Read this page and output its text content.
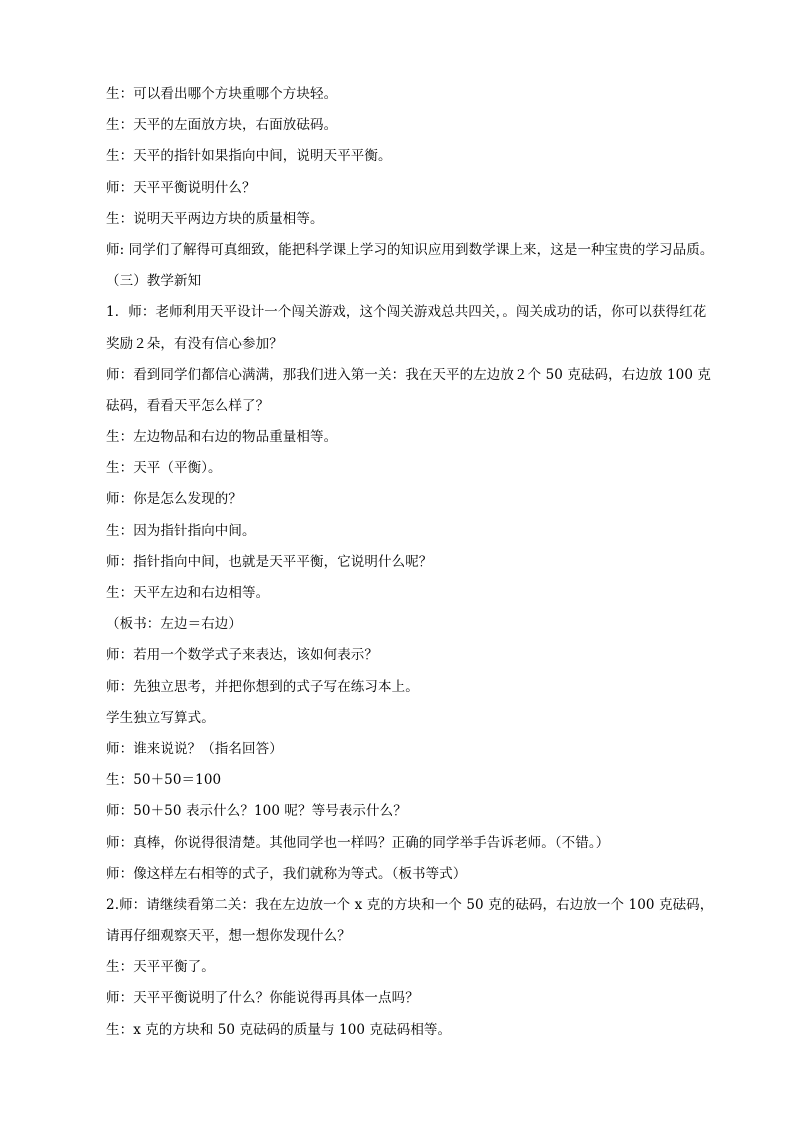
生：可以看出哪个方块重哪个方块轻。
生：天平的左面放方块，右面放砝码。
生：天平的指针如果指向中间，说明天平平衡。
师：天平平衡说明什么？
生：说明天平两边方块的质量相等。
师: 同学们了解得可真细致，能把科学课上学习的知识应用到数学课上来，这是一种宝贵的学习品质。
（三）教学新知
1．师：老师利用天平设计一个闯关游戏，这个闯关游戏总共四关，。闯关成功的话，你可以获得红花
奖励２朵，有没有信心参加？
师：看到同学们都信心满满，那我们进入第一关：我在天平的左边放２个 50 克砝码，右边放 100 克
砝码，看看天平怎么样了？
生：左边物品和右边的物品重量相等。
生：天平（平衡）。
师：你是怎么发现的？
生：因为指针指向中间。
师：指针指向中间，也就是天平平衡，它说明什么呢？
生：天平左边和右边相等。
（板书：左边＝右边）
师：若用一个数学式子来表达，该如何表示？
师：先独立思考，并把你想到的式子写在练习本上。
学生独立写算式。
师：谁来说说？（指名回答）
生：50＋50＝100
师：50＋50 表示什么？100 呢？等号表示什么？
师：真棒，你说得很清楚。其他同学也一样吗？正确的同学举手告诉老师。（不错。）
师：像这样左右相等的式子，我们就称为等式。（板书等式）
2.师：请继续看第二关：我在左边放一个 x 克的方块和一个 50 克的砝码，右边放一个 100 克砝码，
请再仔细观察天平，想一想你发现什么？
生：天平平衡了。
师：天平平衡说明了什么？你能说得再具体一点吗？
生：x 克的方块和 50 克砝码的质量与 100 克砝码相等。
